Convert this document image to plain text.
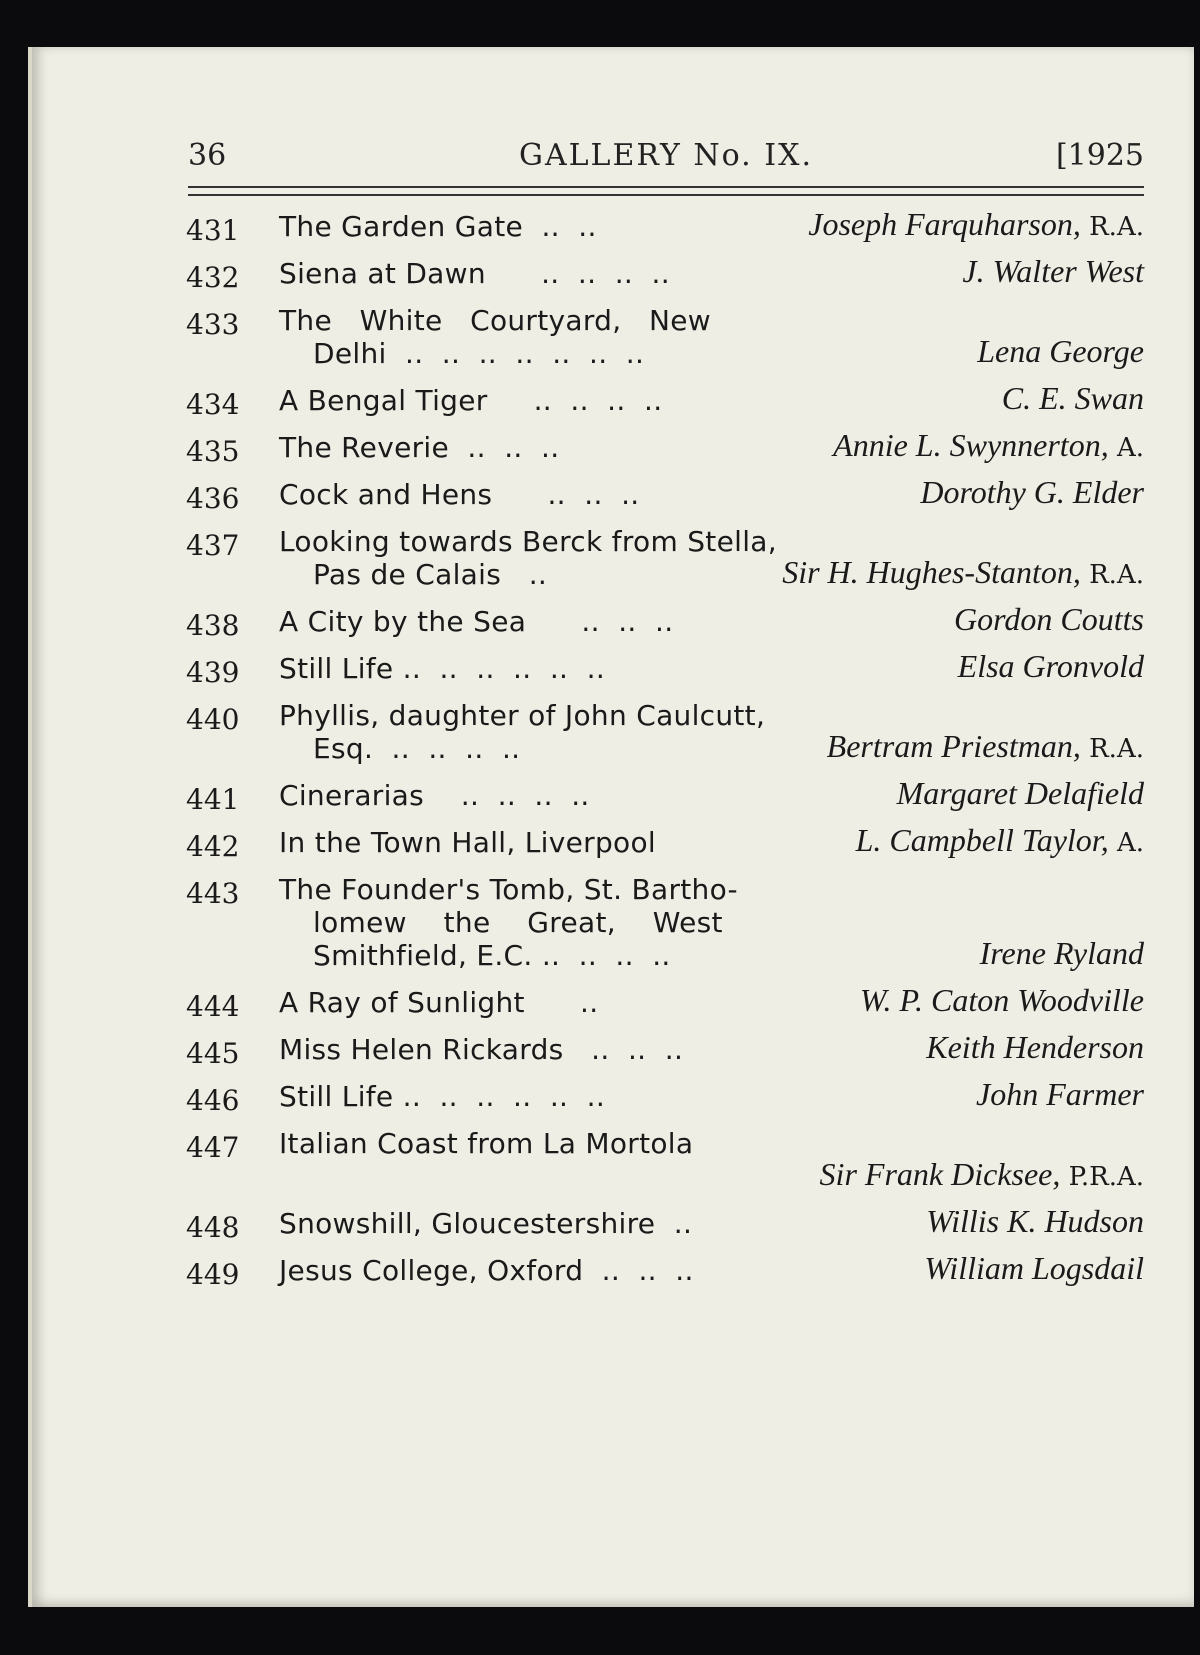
36	GALLERY No. IX.	[1925
431	The Garden Gate  ..  ..	Joseph Farquharson, R.A.
432	Siena at Dawn      ..  ..  ..  ..	J. Walter West
433	The   White   Courtyard,   New
Delhi  ..  ..  ..  ..  ..  ..  ..	Lena George
434	A Bengal Tiger     ..  ..  ..  ..	C. E. Swan
435	The Reverie  ..  ..  ..	Annie L. Swynnerton, A.
436	Cock and Hens      ..  ..  ..	Dorothy G. Elder
437	Looking towards Berck from Stella,
Pas de Calais   ..	Sir H. Hughes-Stanton, R.A.
438	A City by the Sea      ..  ..  ..	Gordon Coutts
439	Still Life ..  ..  ..  ..  ..  ..	Elsa Gronvold
440	Phyllis, daughter of John Caulcutt,
Esq.  ..  ..  ..  ..	Bertram Priestman, R.A.
441	Cinerarias    ..  ..  ..  ..	Margaret Delafield
442	In the Town Hall, Liverpool	L. Campbell Taylor, A.
443	The Founder's Tomb, St. Bartho-
lomew    the    Great,    West
Smithfield, E.C. ..  ..  ..  ..	Irene Ryland
444	A Ray of Sunlight      ..	W. P. Caton Woodville
445	Miss Helen Rickards   ..  ..  ..	Keith Henderson
446	Still Life ..  ..  ..  ..  ..  ..	John Farmer
447	Italian Coast from La Mortola

Sir Frank Dicksee, P.R.A.
448	Snowshill, Gloucestershire  ..	Willis K. Hudson
449	Jesus College, Oxford  ..  ..  ..	William Logsdail
